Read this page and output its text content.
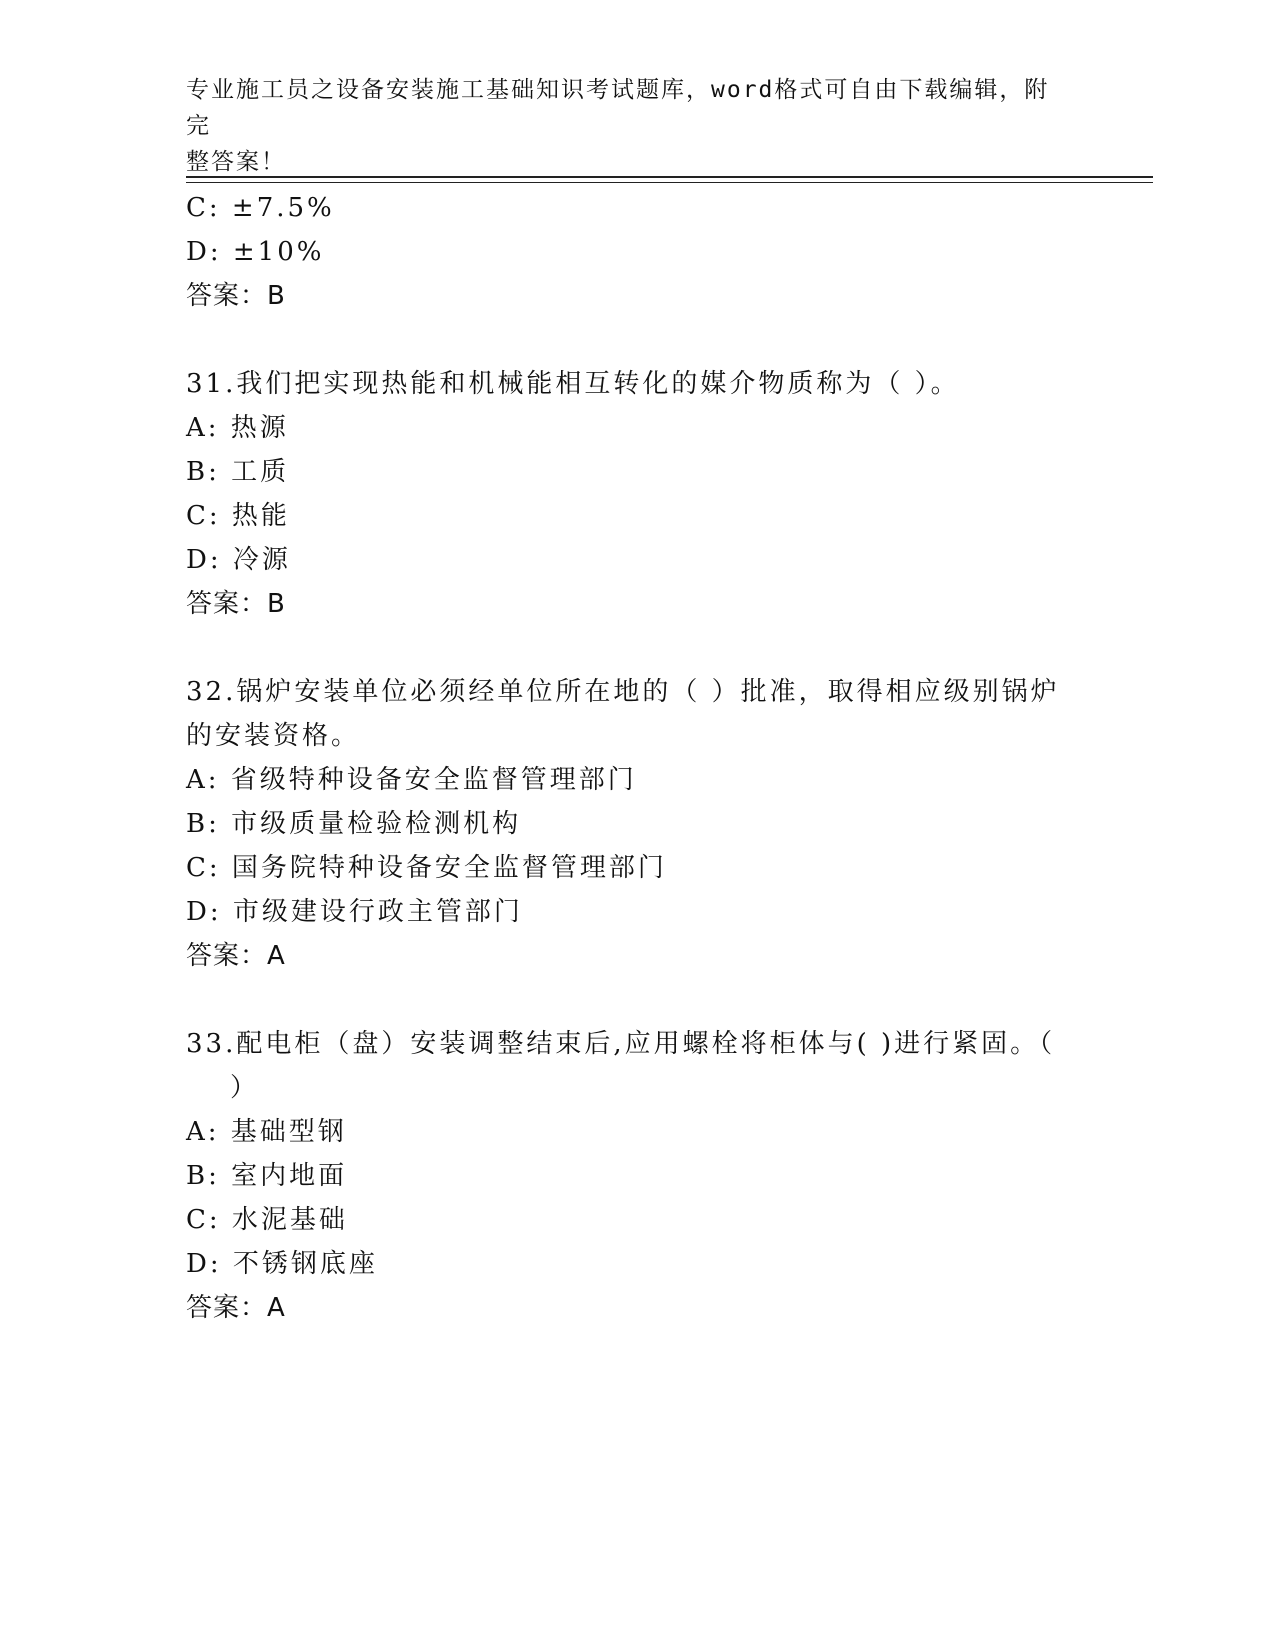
专业施工员之设备安装施工基础知识考试题库，word格式可自由下载编辑，附完
整答案！
C: ±7.5%
D: ±10%
答案：B
31.我们把实现热能和机械能相互转化的媒介物质称为（ ）。
A: 热源
B: 工质
C: 热能
D: 冷源
答案：B
32.锅炉安装单位必须经单位所在地的（ ）批准，取得相应级别锅炉
的安装资格。
A: 省级特种设备安全监督管理部门
B: 市级质量检验检测机构
C: 国务院特种设备安全监督管理部门
D: 市级建设行政主管部门
答案：A
33.配电柜（盘）安装调整结束后,应用螺栓将柜体与( )进行紧固。（
）
A: 基础型钢
B: 室内地面
C: 水泥基础
D: 不锈钢底座
答案：A
